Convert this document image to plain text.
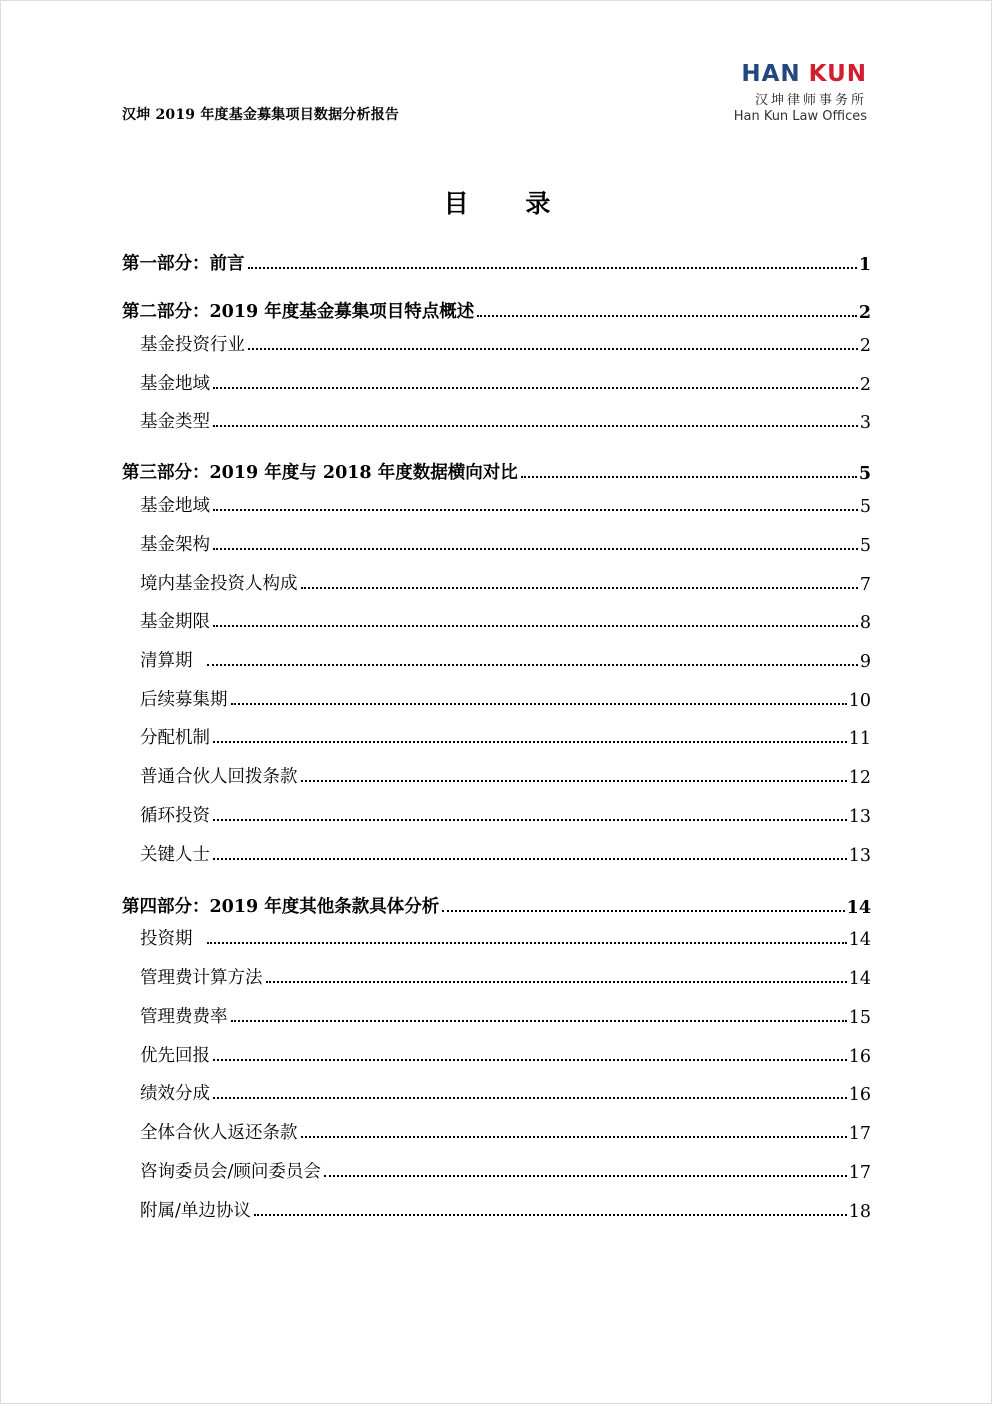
汉坤 2019 年度基金募集项目数据分析报告
HAN KUN
汉坤律师事务所
Han Kun Law Offices
目 录
第一部分：前言	1
第二部分：2019 年度基金募集项目特点概述	2
基金投资行业	2
基金地域	2
基金类型	3
第三部分：2019 年度与 2018 年度数据横向对比	5
基金地域	5
基金架构	5
境内基金投资人构成	7
基金期限	8
清算期	9
后续募集期	10
分配机制	11
普通合伙人回拨条款	12
循环投资	13
关键人士	13
第四部分：2019 年度其他条款具体分析	14
投资期	14
管理费计算方法	14
管理费费率	15
优先回报	16
绩效分成	16
全体合伙人返还条款	17
咨询委员会/顾问委员会	17
附属/单边协议	18
